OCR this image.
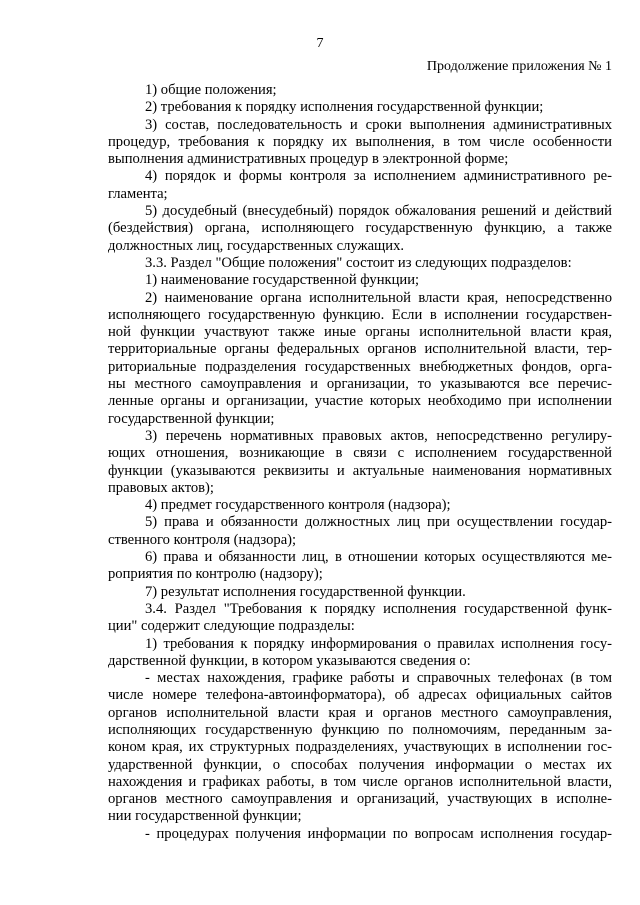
7
Продолжение приложения № 1
1) общие положения;
2) требования к порядку исполнения государственной функции;
3) состав, последовательность и сроки выполнения административных
процедур, требования к порядку их выполнения, в том числе особенности
выполнения административных процедур в электронной форме;
4) порядок и формы контроля за исполнением административного ре-
гламента;
5) досудебный (внесудебный) порядок обжалования решений и действий
(бездействия) органа, исполняющего государственную функцию, а также
должностных лиц, государственных служащих.
3.3. Раздел "Общие положения" состоит из следующих подразделов:
1) наименование государственной функции;
2) наименование органа исполнительной власти края, непосредственно
исполняющего государственную функцию. Если в исполнении государствен-
ной функции участвуют также иные органы исполнительной власти края,
территориальные органы федеральных органов исполнительной власти, тер-
риториальные подразделения государственных внебюджетных фондов, орга-
ны местного самоуправления и организации, то указываются все перечис-
ленные органы и организации, участие которых необходимо при исполнении
государственной функции;
3) перечень нормативных правовых актов, непосредственно регулиру-
ющих отношения, возникающие в связи с исполнением государственной
функции (указываются реквизиты и актуальные наименования нормативных
правовых актов);
4) предмет государственного контроля (надзора);
5) права и обязанности должностных лиц при осуществлении государ-
ственного контроля (надзора);
6) права и обязанности лиц, в отношении которых осуществляются ме-
роприятия по контролю (надзору);
7) результат исполнения государственной функции.
3.4. Раздел "Требования к порядку исполнения государственной функ-
ции" содержит следующие подразделы:
1) требования к порядку информирования о правилах исполнения госу-
дарственной функции, в котором указываются сведения о:
- местах нахождения, графике работы и справочных телефонах (в том
числе номере телефона-автоинформатора), об адресах официальных сайтов
органов исполнительной власти края и органов местного самоуправления,
исполняющих государственную функцию по полномочиям, переданным за-
коном края, их структурных подразделениях, участвующих в исполнении гос-
ударственной функции, о способах получения информации о местах их
нахождения и графиках работы, в том числе органов исполнительной власти,
органов местного самоуправления и организаций, участвующих в исполне-
нии государственной функции;
- процедурах получения информации по вопросам исполнения государ-
